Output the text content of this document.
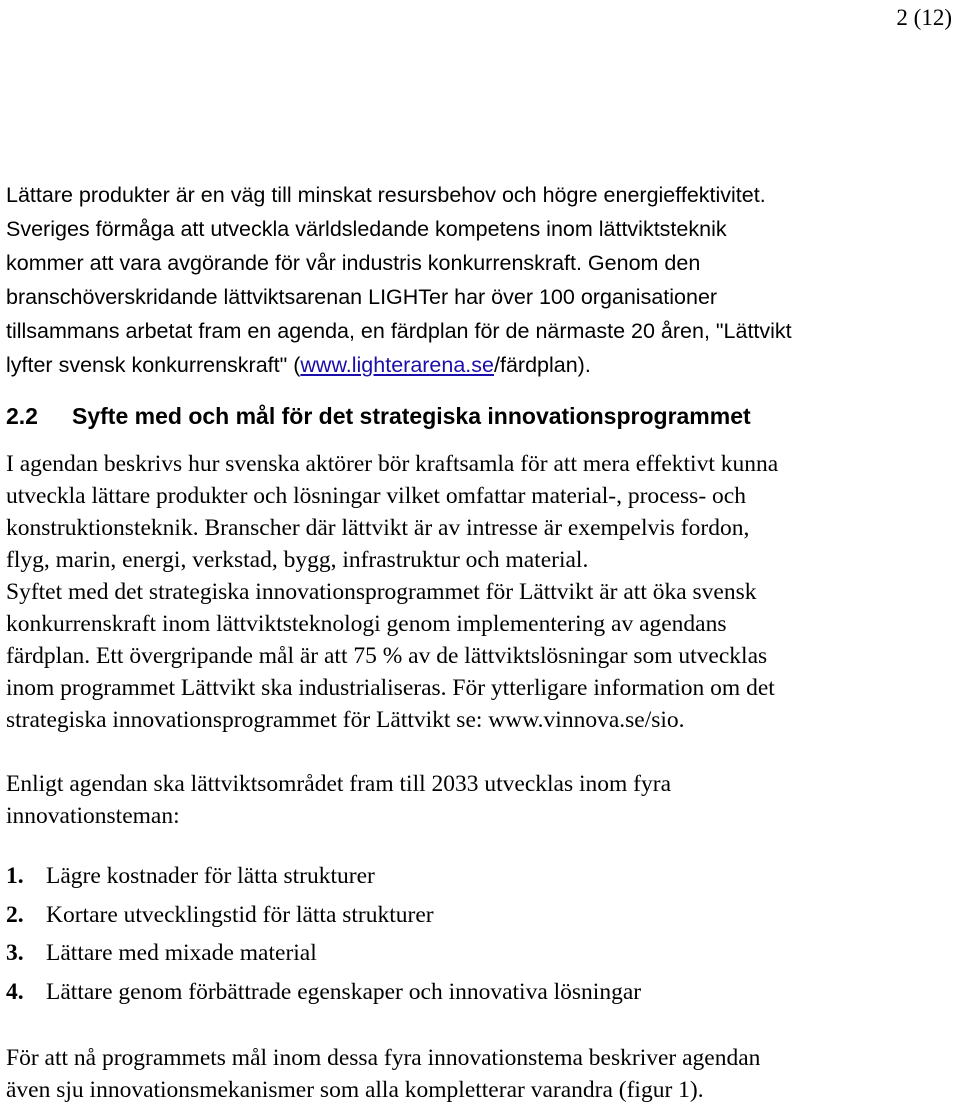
2 (12)
Lättare produkter är en väg till minskat resursbehov och högre energieffektivitet.
Sveriges förmåga att utveckla världsledande kompetens inom lättviktsteknik
kommer att vara avgörande för vår industris konkurrenskraft. Genom den
branschöverskridande lättviktsarenan LIGHTer har över 100 organisationer
tillsammans arbetat fram en agenda, en färdplan för de närmaste 20 åren, "Lättvikt
lyfter svensk konkurrenskraft" (www.lighterarena.se/färdplan).
2.2 Syfte med och mål för det strategiska innovationsprogrammet
I agendan beskrivs hur svenska aktörer bör kraftsamla för att mera effektivt kunna
utveckla lättare produkter och lösningar vilket omfattar material-, process- och
konstruktionsteknik. Branscher där lättvikt är av intresse är exempelvis fordon,
flyg, marin, energi, verkstad, bygg, infrastruktur och material.
Syftet med det strategiska innovationsprogrammet för Lättvikt är att öka svensk
konkurrenskraft inom lättviktsteknologi genom implementering av agendans
färdplan. Ett övergripande mål är att 75 % av de lättviktslösningar som utvecklas
inom programmet Lättvikt ska industrialiseras. För ytterligare information om det
strategiska innovationsprogrammet för Lättvikt se: www.vinnova.se/sio.
Enligt agendan ska lättviktsområdet fram till 2033 utvecklas inom fyra
innovationsteman:
1. Lägre kostnader för lätta strukturer
2. Kortare utvecklingstid för lätta strukturer
3. Lättare med mixade material
4. Lättare genom förbättrade egenskaper och innovativa lösningar
För att nå programmets mål inom dessa fyra innovationstema beskriver agendan
även sju innovationsmekanismer som alla kompletterar varandra (figur 1).
